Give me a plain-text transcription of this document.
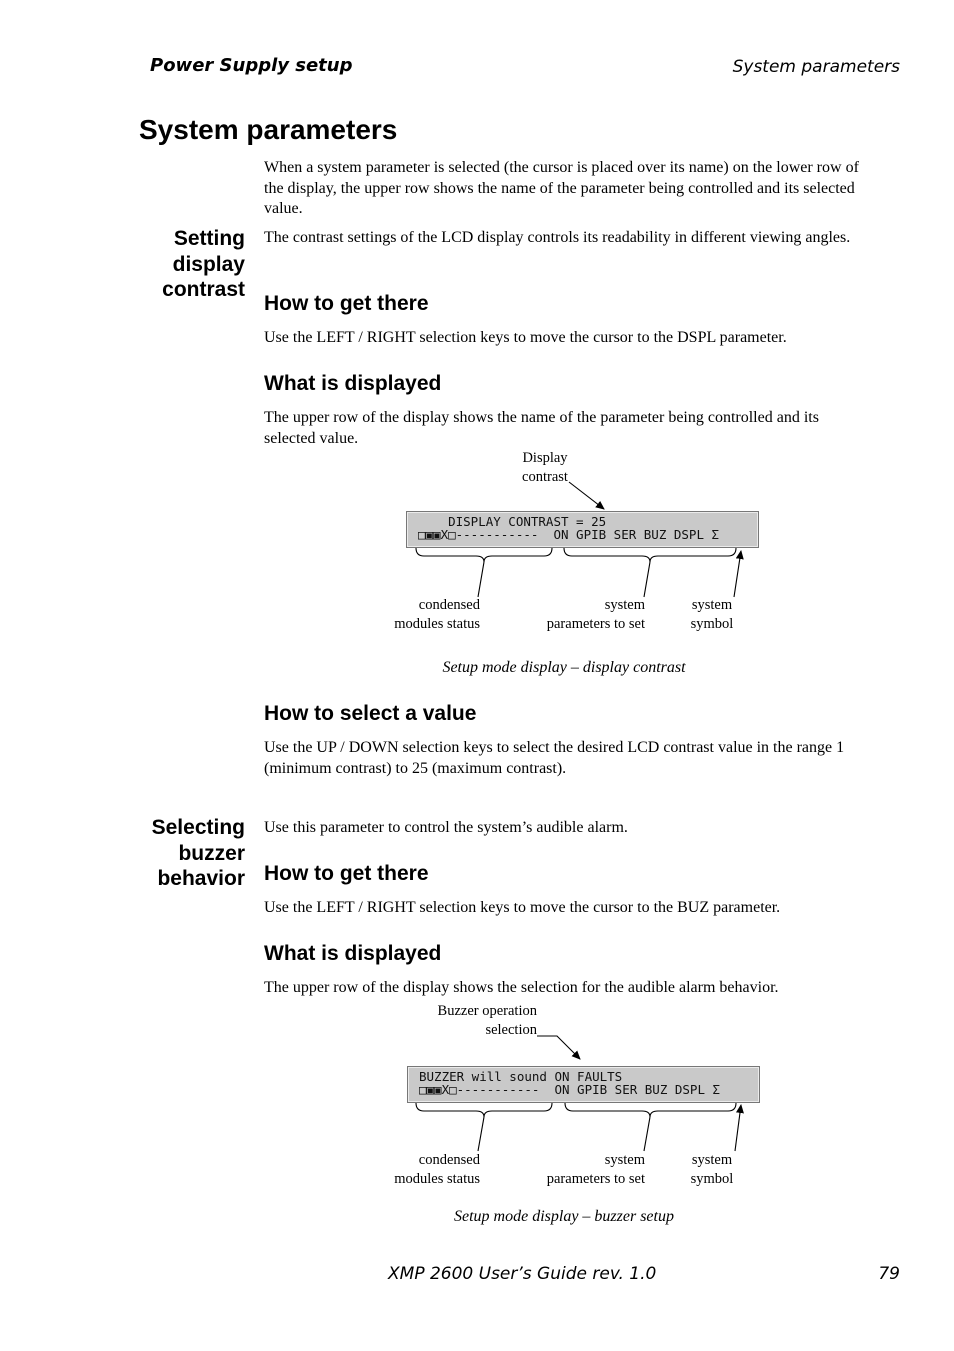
Power Supply setup	System parameters
System parameters
When a system parameter is selected (the cursor is placed over its name) on the lower row of the display, the upper row shows the name of the parameter being controlled and its selected value.
Setting
display
contrast
The contrast settings of the LCD display controls its readability in different viewing angles.
How to get there
Use the LEFT / RIGHT selection keys to move the cursor to the DSPL parameter.
What is displayed
The upper row of the display shows the name of the parameter being controlled and its selected value.
Display
contrast
DISPLAY CONTRAST = 25
□▣▣X□-----------  ON GPIB SER BUZ DSPL Σ
condensed
modules status
system
parameters to set
system
symbol
Setup mode display – display contrast
How to select a value
Use the UP / DOWN selection keys to select the desired LCD contrast value in the range 1 (minimum contrast) to 25 (maximum contrast).
Selecting
buzzer
behavior
Use this parameter to control the system’s audible alarm.
How to get there
Use the LEFT / RIGHT selection keys to move the cursor to the BUZ parameter.
What is displayed
The upper row of the display shows the selection for the audible alarm behavior.
Buzzer operation
selection
BUZZER will sound ON FAULTS
□▣▣X□-----------  ON GPIB SER BUZ DSPL Σ
condensed
modules status
system
parameters to set
system
symbol
Setup mode display – buzzer setup
XMP 2600 User’s Guide rev. 1.0	79
